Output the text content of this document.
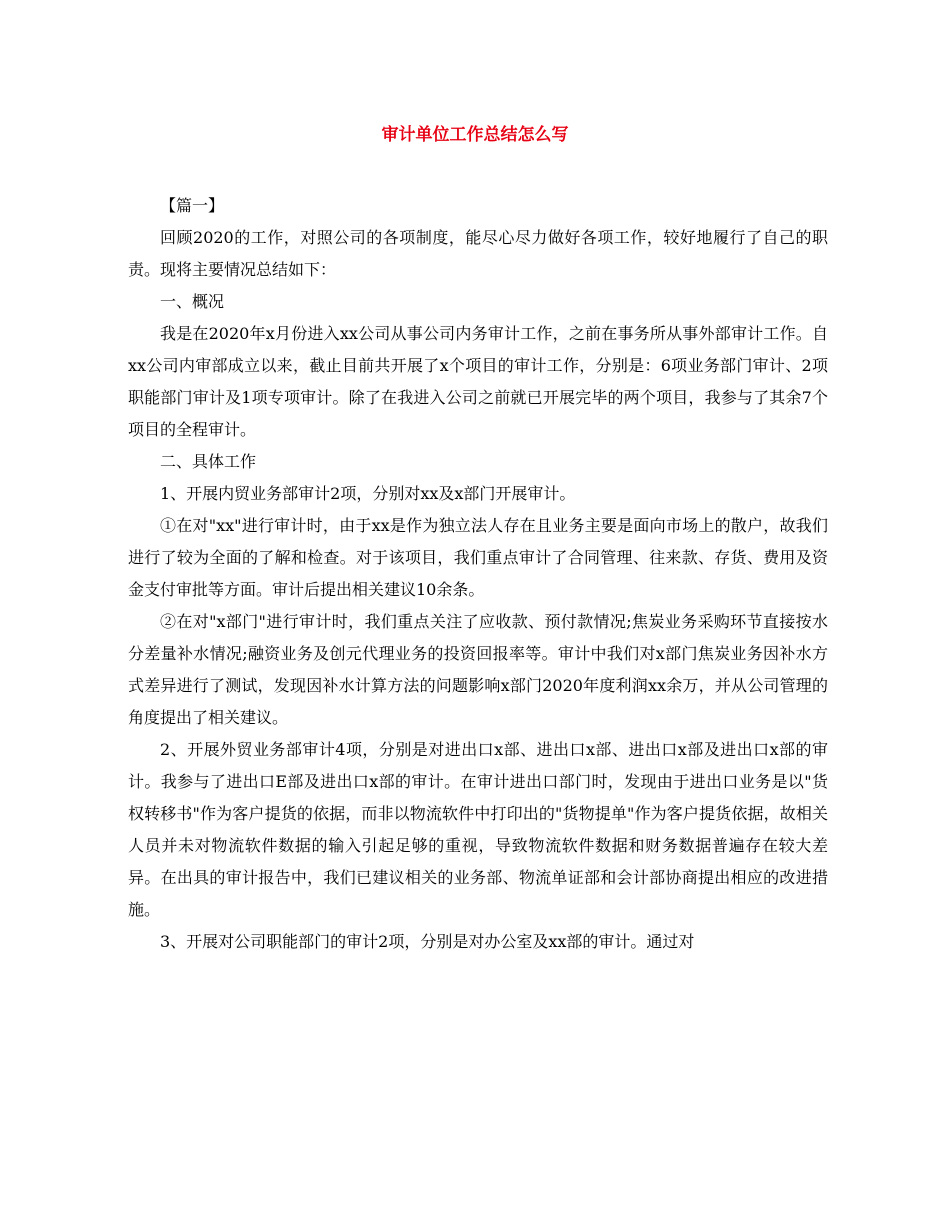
审计单位工作总结怎么写

【篇一】

回顾2020的工作，对照公司的各项制度，能尽心尽力做好各项工作，较好地履行了自己的职责。现将主要情况总结如下：

一、概况

我是在2020年x月份进入xx公司从事公司内务审计工作，之前在事务所从事外部审计工作。自xx公司内审部成立以来，截止目前共开展了x个项目的审计工作，分别是：6项业务部门审计、2项职能部门审计及1项专项审计。除了在我进入公司之前就已开展完毕的两个项目，我参与了其余7个项目的全程审计。

二、具体工作

1、开展内贸业务部审计2项，分别对xx及x部门开展审计。

①在对"xx"进行审计时，由于xx是作为独立法人存在且业务主要是面向市场上的散户，故我们进行了较为全面的了解和检查。对于该项目，我们重点审计了合同管理、往来款、存货、费用及资金支付审批等方面。审计后提出相关建议10余条。

②在对"x部门"进行审计时，我们重点关注了应收款、预付款情况;焦炭业务采购环节直接按水分差量补水情况;融资业务及创元代理业务的投资回报率等。审计中我们对x部门焦炭业务因补水方式差异进行了测试，发现因补水计算方法的问题影响x部门2020年度利润xx余万，并从公司管理的角度提出了相关建议。

2、开展外贸业务部审计4项，分别是对进出口x部、进出口x部、进出口x部及进出口x部的审计。我参与了进出口E部及进出口x部的审计。在审计进出口部门时，发现由于进出口业务是以"货权转移书"作为客户提货的依据，而非以物流软件中打印出的"货物提单"作为客户提货依据，故相关人员并未对物流软件数据的输入引起足够的重视，导致物流软件数据和财务数据普遍存在较大差异。在出具的审计报告中，我们已建议相关的业务部、物流单证部和会计部协商提出相应的改进措施。

3、开展对公司职能部门的审计2项，分别是对办公室及xx部的审计。通过对
